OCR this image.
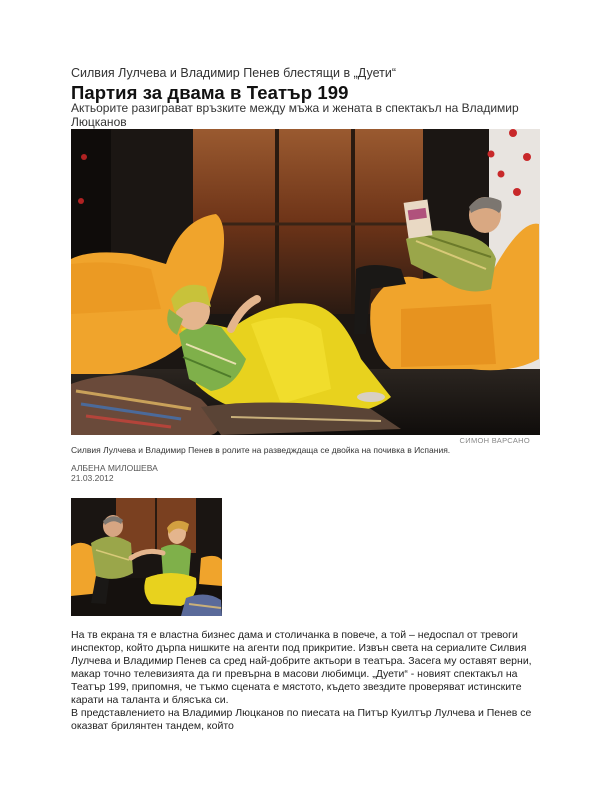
Силвия Лулчева и Владимир Пенев блестящи в „Дуети“
Партия за двама в Театър 199
Актьорите разиграват връзките между мъжа и жената в спектакъл на Владимир Люцканов
СИМОН ВАРСАНО
Силвия Лулчева и Владимир Пенев в ролите на разведждаща се двойка на почивка в Испания.
АЛБЕНА МИЛОШЕВА
21.03.2012

На тв екрана тя е властна бизнес дама и столичанка в повече, а той – недоспал от тревоги инспектор, който дърпа нишките на агенти под прикритие. Извън света на сериалите Силвия Лулчева и Владимир Пенев са сред най-добрите актьори в театъра. Засега му оставят верни, макар точно телевизията да ги превърна в масови любимци. „Дуети“ - новият спектакъл на Театър 199, припомня, че тъкмо сцената е мястото, където звездите проверяват истинските карати на таланта и блясъка си.

В представлението на Владимир Люцканов по пиесата на Питър Куилтър Лулчева и Пенев се оказват брилянтен тандем, който
